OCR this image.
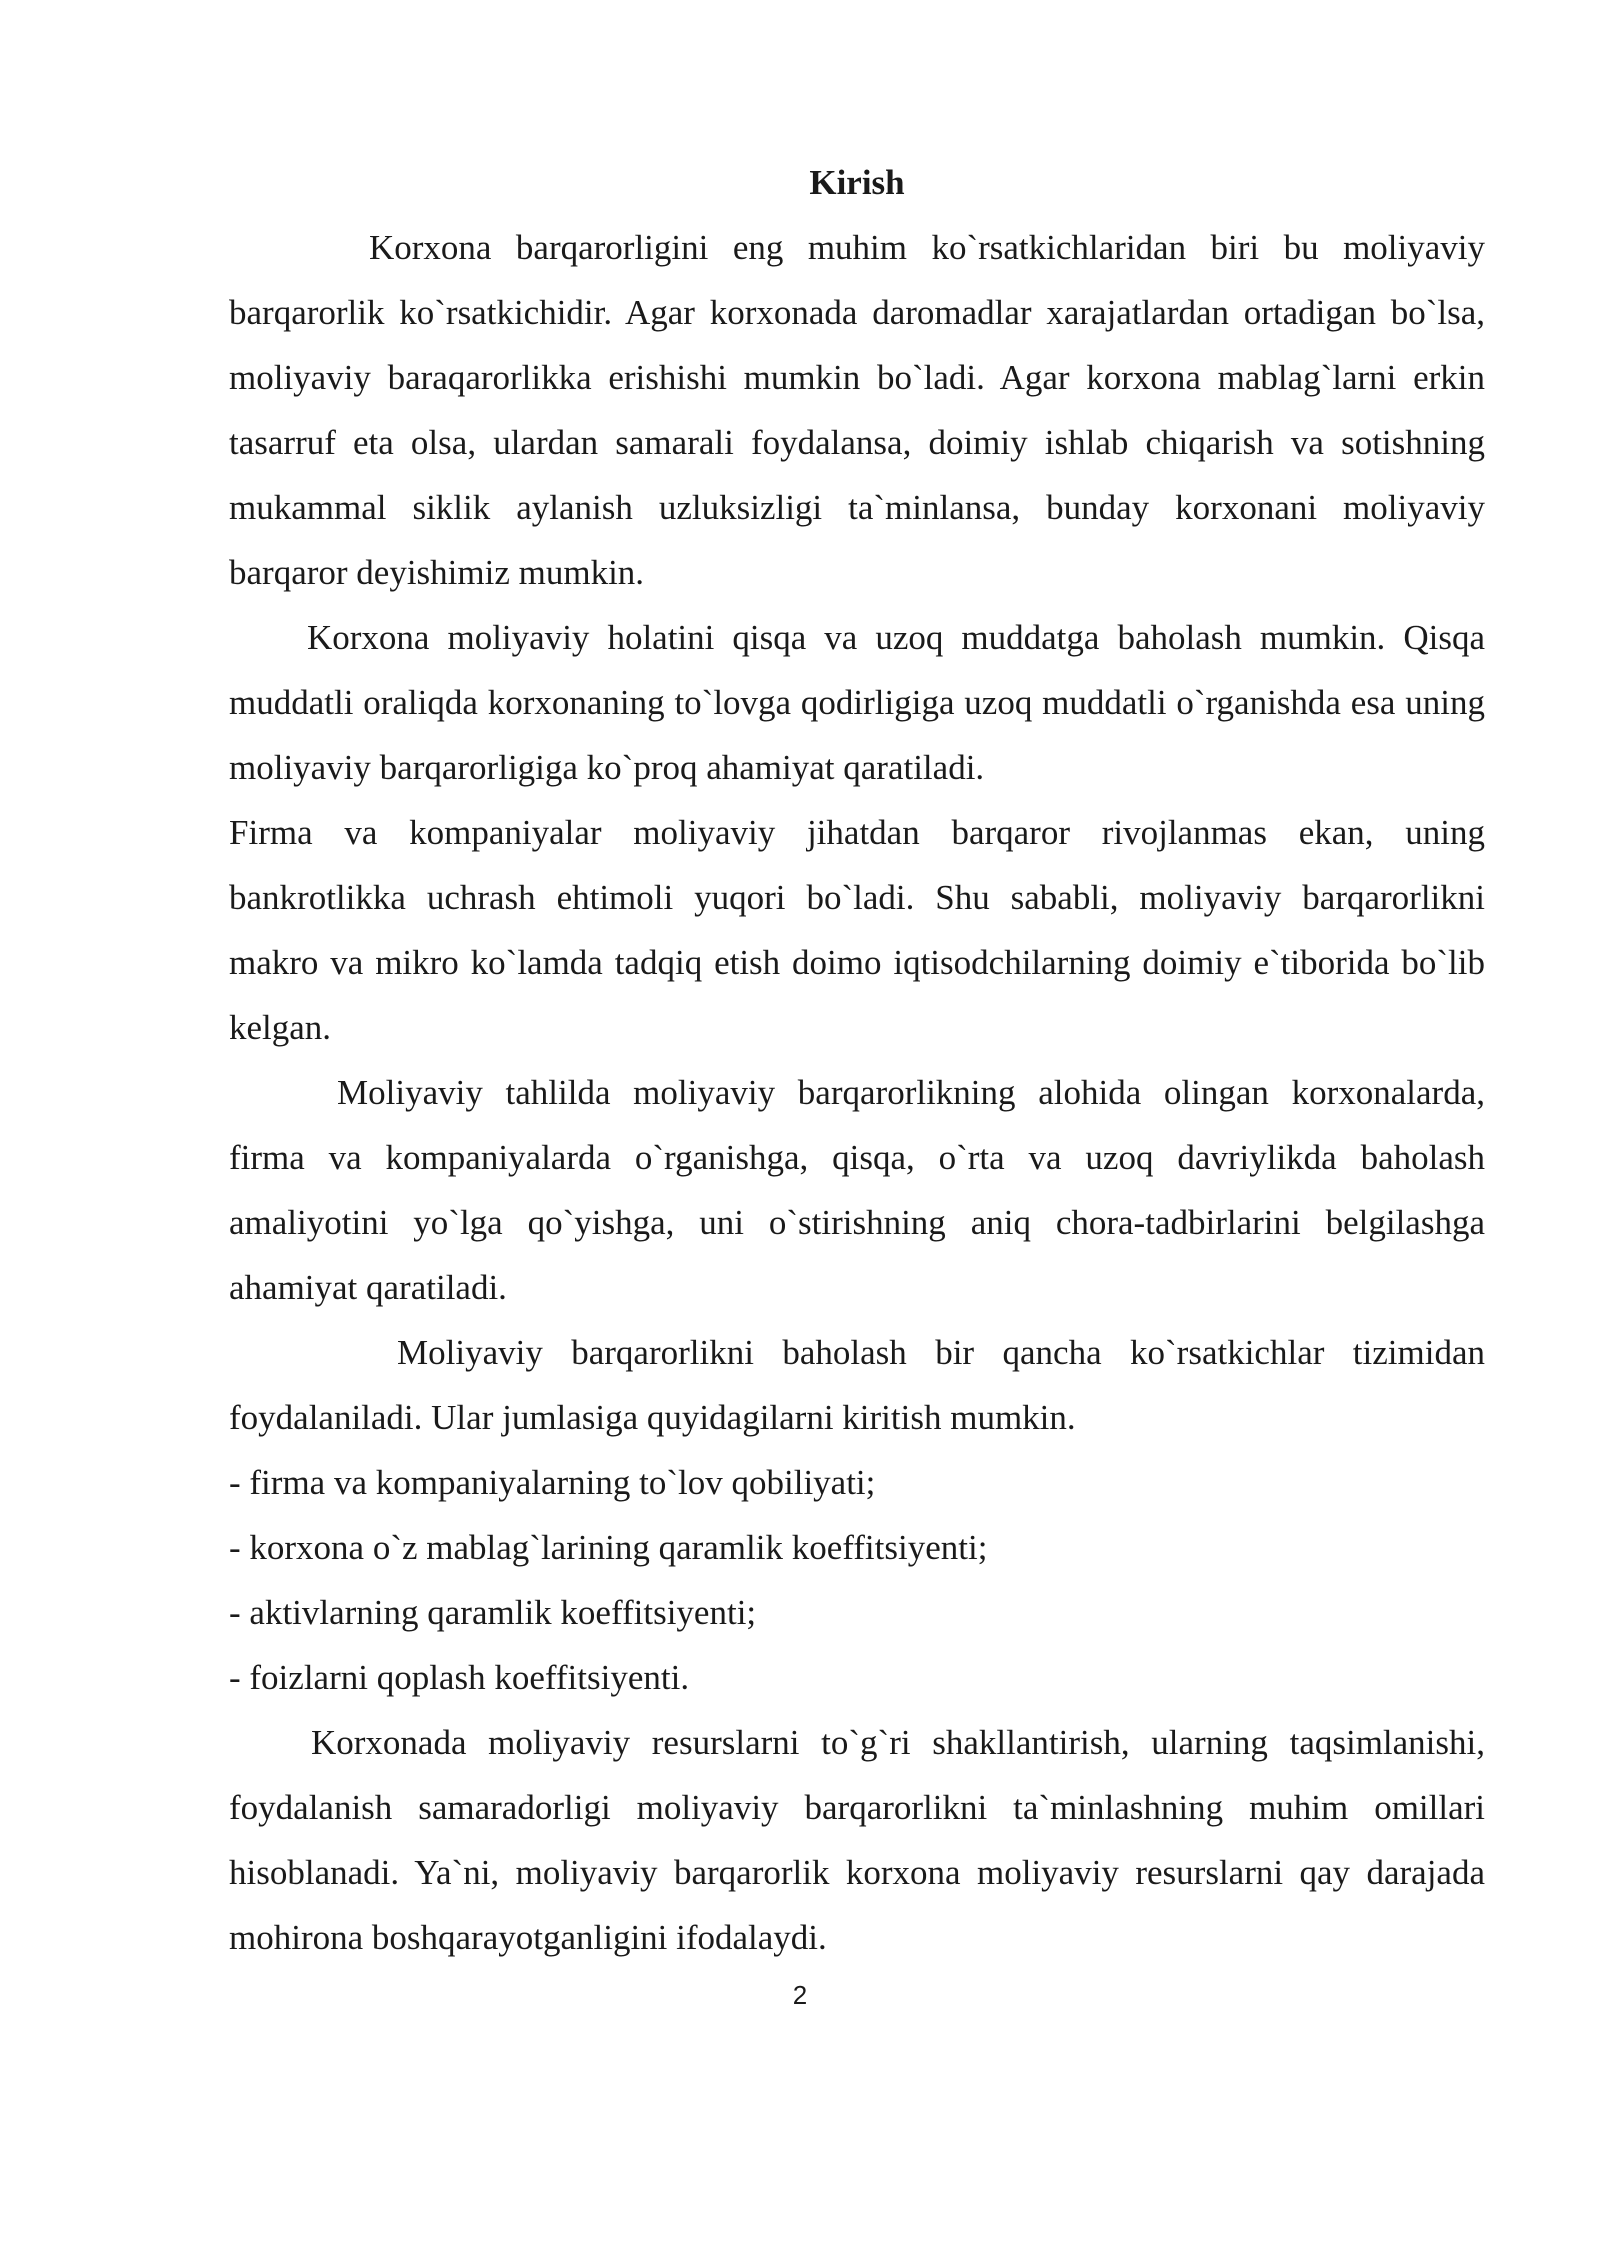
Kirish

Korxona barqarorligini eng muhim ko`rsatkichlaridan biri bu moliyaviy barqarorlik ko`rsatkichidir. Agar korxonada daromadlar xarajatlardan ortadigan bo`lsa, moliyaviy baraqarorlikka erishishi mumkin bo`ladi. Agar korxona mablag`larni erkin tasarruf eta olsa, ulardan samarali foydalansa, doimiy ishlab chiqarish va sotishning mukammal siklik aylanish uzluksizligi ta`minlansa, bunday korxonani moliyaviy barqaror deyishimiz mumkin.

Korxona moliyaviy holatini qisqa va uzoq muddatga baholash mumkin. Qisqa muddatli oraliqda korxonaning to`lovga qodirligiga uzoq muddatli o`rganishda esa uning moliyaviy barqarorligiga ko`proq ahamiyat qaratiladi.

Firma va kompaniyalar moliyaviy jihatdan barqaror rivojlanmas ekan, uning bankrotlikka uchrash ehtimoli yuqori bo`ladi. Shu sababli, moliyaviy barqarorlikni makro va mikro ko`lamda tadqiq etish doimo iqtisodchilarning doimiy e`tiborida bo`lib kelgan.

Moliyaviy tahlilda moliyaviy barqarorlikning alohida olingan korxonalarda, firma va kompaniyalarda o`rganishga, qisqa, o`rta va uzoq davriylikda baholash amaliyotini yo`lga qo`yishga, uni o`stirishning aniq chora-tadbirlarini belgilashga ahamiyat qaratiladi.

Moliyaviy barqarorlikni baholash bir qancha ko`rsatkichlar tizimidan foydalaniladi. Ular jumlasiga quyidagilarni kiritish mumkin.

- firma va kompaniyalarning to`lov qobiliyati;

- korxona o`z mablag`larining qaramlik koeffitsiyenti;

- aktivlarning qaramlik koeffitsiyenti;

- foizlarni qoplash koeffitsiyenti.

Korxonada moliyaviy resurslarni to`g`ri shakllantirish, ularning taqsimlanishi, foydalanish samaradorligi moliyaviy barqarorlikni ta`minlashning muhim omillari hisoblanadi. Ya`ni, moliyaviy barqarorlik korxona moliyaviy resurslarni qay darajada mohirona boshqarayotganligini ifodalaydi.

2
